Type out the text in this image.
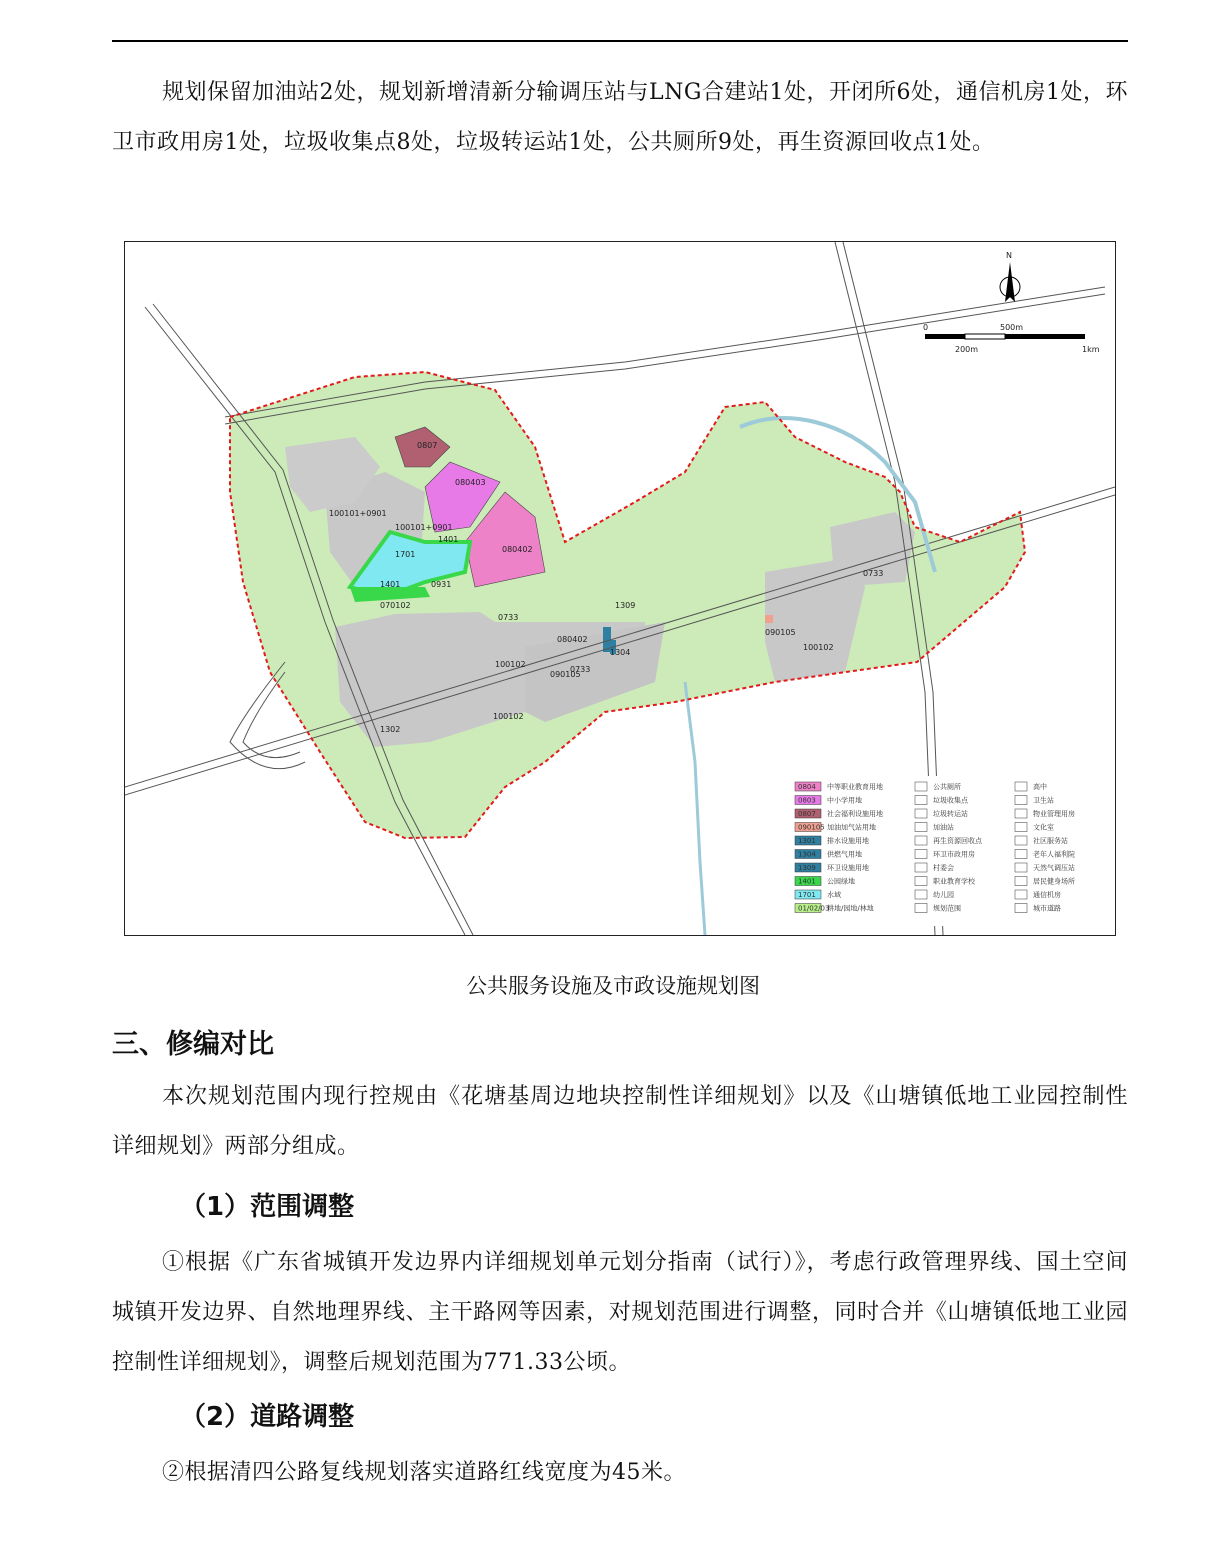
规划保留加油站2处，规划新增清新分输调压站与LNG合建站1处，开闭所6处，通信机房1处，环卫市政用房1处，垃圾收集点8处，垃圾转运站1处，公共厕所9处，再生资源回收点1处。

N
0	500m
200m	1km
0807
080403
080402
100101+0901
100101+0901
1401
1701
0931
1401
070102
0733
1309
080402
100102
090105
0733
1304
100102
1302
090105
100102
0733
0804 中等职业教育用地
0803 中小学用地
0807 社会福利设施用地
090105 加油加气站用地
1301 排水设施用地
1304 供燃气用地
1309 环卫设施用地
1401 公园绿地
1701 水域
01/02/03
耕地/园地/林地
公共厕所
垃圾收集点
垃圾转运站
加油站
再生资源回收点
环卫市政用房
村委会
职业教育学校
幼儿园
规划范围
高中
卫生站
物业管理用房
文化室
社区服务站
老年人福利院
天然气调压站
居民健身场所
通信机房
城市道路

公共服务设施及市政设施规划图

三、修编对比

本次规划范围内现行控规由《花塘基周边地块控制性详细规划》以及《山塘镇低地工业园控制性详细规划》两部分组成。

（1）范围调整

①根据《广东省城镇开发边界内详细规划单元划分指南（试行）》，考虑行政管理界线、国土空间城镇开发边界、自然地理界线、主干路网等因素，对规划范围进行调整，同时合并《山塘镇低地工业园控制性详细规划》，调整后规划范围为771.33公顷。

（2）道路调整

②根据清四公路复线规划落实道路红线宽度为45米。
